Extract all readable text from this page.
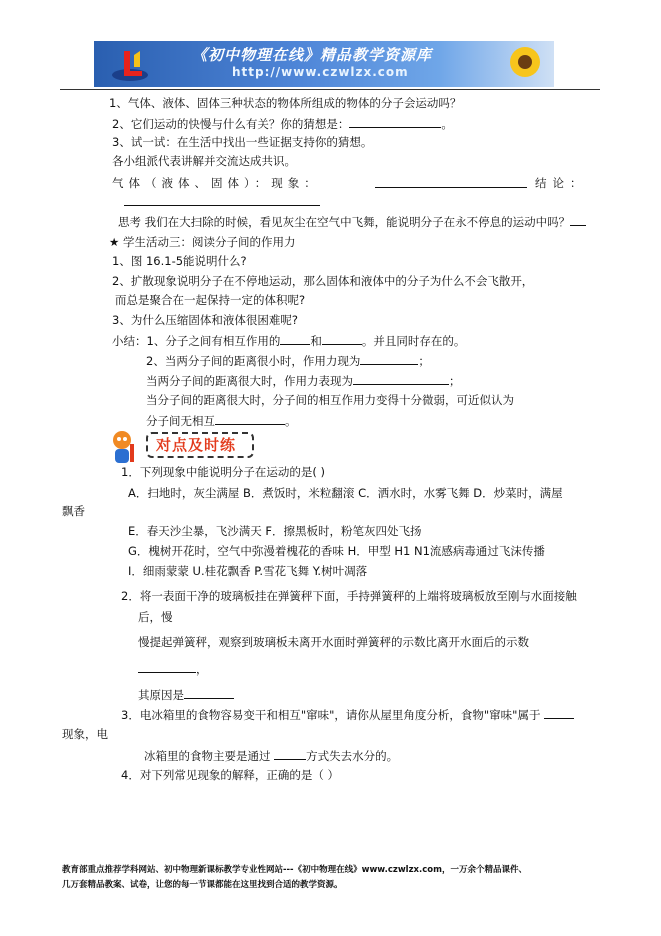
《初中物理在线》精品教学资源库
http://www.czwlzx.com
1、气体、液体、固体三种状态的物体所组成的物体的分子会运动吗？
2、它们运动的快慢与什么有关？你的猜想是：	。
3、试一试：在生活中找出一些证据支持你的猜想。
各小组派代表讲解并交流达成共识。
气体（液体、固体）：现象：	结论：
思考 我们在大扫除的时候，看见灰尘在空气中飞舞，能说明分子在永不停息的运动中吗？
★ 学生活动三：阅读分子间的作用力
1、图 16.1-5能说明什么?
2、扩散现象说明分子在不停地运动，那么固体和液体中的分子为什么不会飞散开，
而总是聚合在一起保持一定的体积呢?
3、为什么压缩固体和液体很困难呢?
小结：1、分子之间有相互作用的	和	。并且同时存在的。
2、当两分子间的距离很小时，作用力现为	；
当两分子间的距离很大时，作用力表现为	；
当分子间的距离很大时，分子间的相互作用力变得十分微弱，可近似认为
分子间无相互	。
对点及时练
1．下列现象中能说明分子在运动的是( )
A．扫地时，灰尘满屋 B．煮饭时，米粒翻滚 C．洒水时，水雾飞舞 D．炒菜时，满屋
飘香
E．春天沙尘暴，飞沙满天 F．擦黑板时，粉笔灰四处飞扬
G．槐树开花时，空气中弥漫着槐花的香味 H．甲型 H1 N1流感病毒通过飞沫传播
I．细雨蒙蒙 U.桂花飘香 P.雪花飞舞 Y.树叶凋落
2．将一表面干净的玻璃板挂在弹簧秤下面，手持弹簧秤的上端将玻璃板放至刚与水面接触
后，慢
慢提起弹簧秤，观察到玻璃板未离开水面时弹簧秤的示数比离开水面后的示数
，
其原因是
3．电冰箱里的食物容易变干和相互"窜味"，请你从屋里角度分析，食物"窜味"属于
现象，电
冰箱里的食物主要是通过	方式失去水分的。
4．对下列常见现象的解释，正确的是（ ）
教育部重点推荐学科网站、初中物理新课标教学专业性网站---《初中物理在线》www.czwlzx.com，一万余个精品课件、
几万套精品教案、试卷，让您的每一节课都能在这里找到合适的教学资源。
